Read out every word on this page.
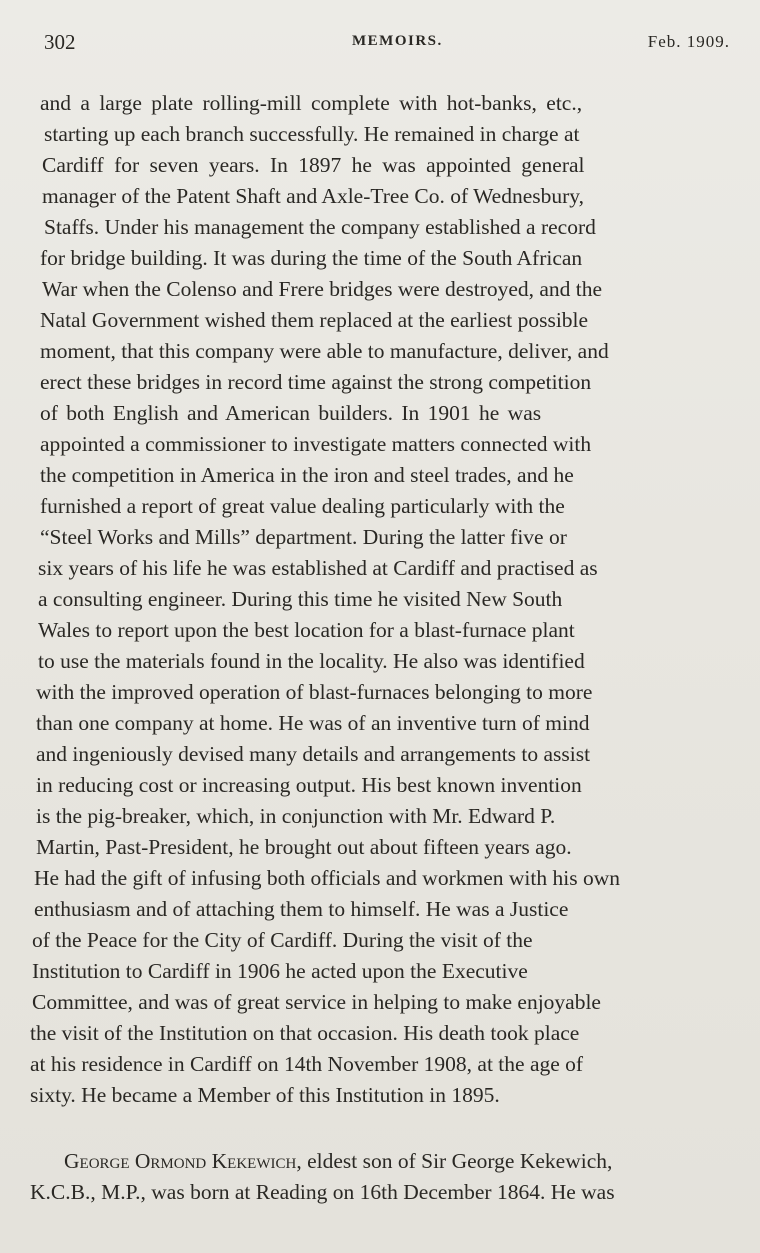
302	MEMOIRS.	Feb. 1909.
and a large plate rolling-mill complete with hot-banks, etc.,
starting up each branch successfully. He remained in charge at
Cardiff for seven years. In 1897 he was appointed general
manager of the Patent Shaft and Axle-Tree Co. of Wednesbury,
Staffs. Under his management the company established a record
for bridge building. It was during the time of the South African
War when the Colenso and Frere bridges were destroyed, and the
Natal Government wished them replaced at the earliest possible
moment, that this company were able to manufacture, deliver, and
erect these bridges in record time against the strong competition
of both English and American builders. In 1901 he was
appointed a commissioner to investigate matters connected with
the competition in America in the iron and steel trades, and he
furnished a report of great value dealing particularly with the
“Steel Works and Mills” department. During the latter five or
six years of his life he was established at Cardiff and practised as
a consulting engineer. During this time he visited New South
Wales to report upon the best location for a blast-furnace plant
to use the materials found in the locality. He also was identified
with the improved operation of blast-furnaces belonging to more
than one company at home. He was of an inventive turn of mind
and ingeniously devised many details and arrangements to assist
in reducing cost or increasing output. His best known invention
is the pig-breaker, which, in conjunction with Mr. Edward P.
Martin, Past-President, he brought out about fifteen years ago.
He had the gift of infusing both officials and workmen with his own
enthusiasm and of attaching them to himself. He was a Justice
of the Peace for the City of Cardiff. During the visit of the
Institution to Cardiff in 1906 he acted upon the Executive
Committee, and was of great service in helping to make enjoyable
the visit of the Institution on that occasion. His death took place
at his residence in Cardiff on 14th November 1908, at the age of
sixty. He became a Member of this Institution in 1895.
George Ormond Kekewich, eldest son of Sir George Kekewich,
K.C.B., M.P., was born at Reading on 16th December 1864. He was
